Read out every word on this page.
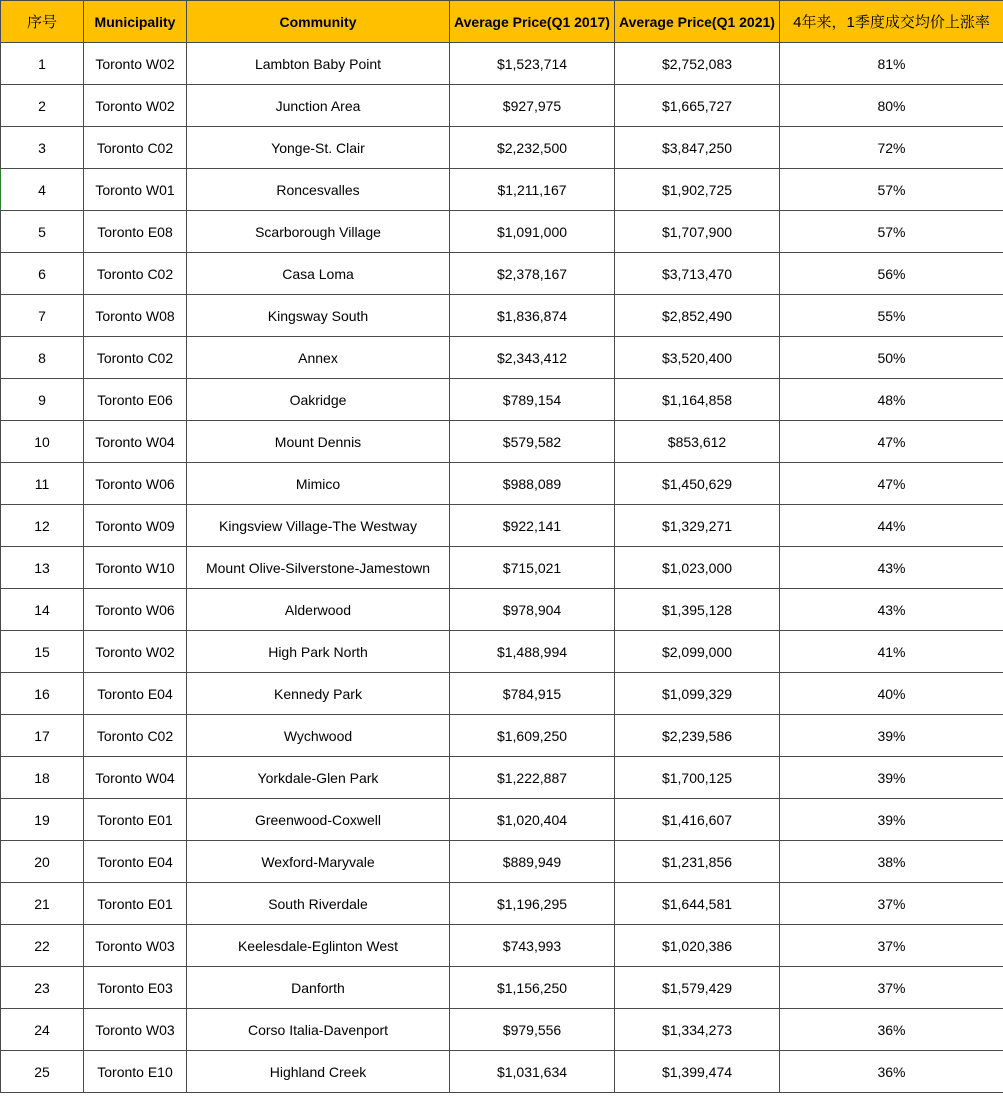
序号	Municipality	Community	Average Price(Q1 2017)	Average Price(Q1 2021)	4年来，1季度成交均价上涨率
1	Toronto W02	Lambton Baby Point	$1,523,714	$2,752,083	81%
2	Toronto W02	Junction Area	$927,975	$1,665,727	80%
3	Toronto C02	Yonge-St. Clair	$2,232,500	$3,847,250	72%
4	Toronto W01	Roncesvalles	$1,211,167	$1,902,725	57%
5	Toronto E08	Scarborough Village	$1,091,000	$1,707,900	57%
6	Toronto C02	Casa Loma	$2,378,167	$3,713,470	56%
7	Toronto W08	Kingsway South	$1,836,874	$2,852,490	55%
8	Toronto C02	Annex	$2,343,412	$3,520,400	50%
9	Toronto E06	Oakridge	$789,154	$1,164,858	48%
10	Toronto W04	Mount Dennis	$579,582	$853,612	47%
11	Toronto W06	Mimico	$988,089	$1,450,629	47%
12	Toronto W09	Kingsview Village-The Westway	$922,141	$1,329,271	44%
13	Toronto W10	Mount Olive-Silverstone-Jamestown	$715,021	$1,023,000	43%
14	Toronto W06	Alderwood	$978,904	$1,395,128	43%
15	Toronto W02	High Park North	$1,488,994	$2,099,000	41%
16	Toronto E04	Kennedy Park	$784,915	$1,099,329	40%
17	Toronto C02	Wychwood	$1,609,250	$2,239,586	39%
18	Toronto W04	Yorkdale-Glen Park	$1,222,887	$1,700,125	39%
19	Toronto E01	Greenwood-Coxwell	$1,020,404	$1,416,607	39%
20	Toronto E04	Wexford-Maryvale	$889,949	$1,231,856	38%
21	Toronto E01	South Riverdale	$1,196,295	$1,644,581	37%
22	Toronto W03	Keelesdale-Eglinton West	$743,993	$1,020,386	37%
23	Toronto E03	Danforth	$1,156,250	$1,579,429	37%
24	Toronto W03	Corso Italia-Davenport	$979,556	$1,334,273	36%
25	Toronto E10	Highland Creek	$1,031,634	$1,399,474	36%
